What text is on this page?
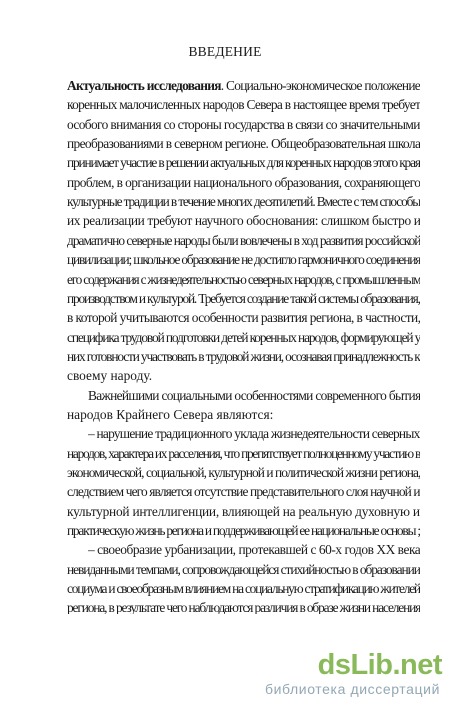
ВВЕДЕНИЕ
Актуальность исследования. Социально-экономическое положение
коренных малочисленных народов Севера в настоящее время требует
особого внимания со стороны государства в связи со значительными
преобразованиями в северном регионе. Общеобразовательная школа
принимает участие в решении актуальных для коренных народов этого края
проблем, в организации национального образования, сохраняющего
культурные традиции в течение многих десятилетий. Вместе с тем способы
их реализации требуют научного обоснования: слишком быстро и
драматично северные народы были вовлечены в ход развития российской
цивилизации; школьное образование не достигло гармоничного соединения
его содержания с жизнедеятельностью северных народов, с промышленным
производством и культурой. Требуется создание такой системы образования,
в которой учитываются особенности развития региона, в частности,
специфика трудовой подготовки детей коренных народов, формирующей у
них готовности участвовать в трудовой жизни, осознавая принадлежность к
своему народу.
Важнейшими социальными особенностями современного бытия
народов Крайнего Севера являются:
– нарушение традиционного уклада жизнедеятельности северных
народов, характера их расселения, что препятствует полноценному участию в
экономической, социальной, культурной и политической жизни региона,
следствием чего является отсутствие представительного слоя научной и
культурной интеллигенции, влияющей на реальную духовную и
практическую жизнь региона и поддерживающей ее национальные основы ;
– своеобразие урбанизации, протекавшей с 60-х годов XX века
невиданными темпами, сопровождающейся стихийностью в образовании
социума и своеобразным влиянием на социальную стратификацию жителей
региона, в результате чего наблюдаются различия в образе жизни населения
dsLib.net
библиотека диссертаций
